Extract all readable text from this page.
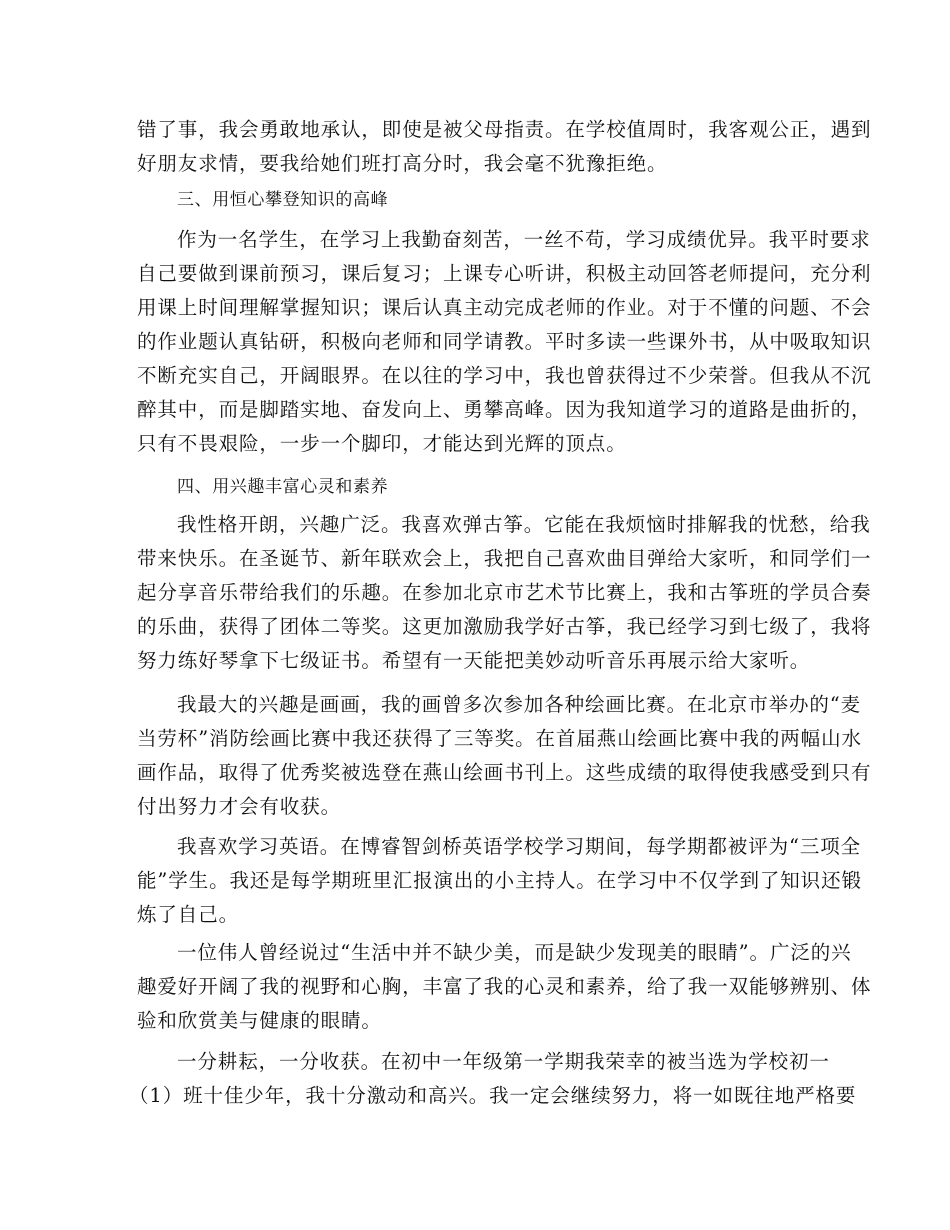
错了事，我会勇敢地承认，即使是被父母指责。在学校值周时，我客观公正，遇到
好朋友求情，要我给她们班打高分时，我会毫不犹豫拒绝。
三、用恒心攀登知识的高峰
作为一名学生，在学习上我勤奋刻苦，一丝不苟，学习成绩优异。我平时要求
自己要做到课前预习，课后复习；上课专心听讲，积极主动回答老师提问，充分利
用课上时间理解掌握知识；课后认真主动完成老师的作业。对于不懂的问题、不会
的作业题认真钻研，积极向老师和同学请教。平时多读一些课外书，从中吸取知识
不断充实自己，开阔眼界。在以往的学习中，我也曾获得过不少荣誉。但我从不沉
醉其中，而是脚踏实地、奋发向上、勇攀高峰。因为我知道学习的道路是曲折的，
只有不畏艰险，一步一个脚印，才能达到光辉的顶点。
四、用兴趣丰富心灵和素养
我性格开朗，兴趣广泛。我喜欢弹古筝。它能在我烦恼时排解我的忧愁，给我
带来快乐。在圣诞节、新年联欢会上，我把自己喜欢曲目弹给大家听，和同学们一
起分享音乐带给我们的乐趣。在参加北京市艺术节比赛上，我和古筝班的学员合奏
的乐曲，获得了团体二等奖。这更加激励我学好古筝，我已经学习到七级了，我将
努力练好琴拿下七级证书。希望有一天能把美妙动听音乐再展示给大家听。
我最大的兴趣是画画，我的画曾多次参加各种绘画比赛。在北京市举办的“麦
当劳杯”消防绘画比赛中我还获得了三等奖。在首届燕山绘画比赛中我的两幅山水
画作品，取得了优秀奖被选登在燕山绘画书刊上。这些成绩的取得使我感受到只有
付出努力才会有收获。
我喜欢学习英语。在博睿智剑桥英语学校学习期间，每学期都被评为“三项全
能”学生。我还是每学期班里汇报演出的小主持人。在学习中不仅学到了知识还锻
炼了自己。
一位伟人曾经说过“生活中并不缺少美，而是缺少发现美的眼睛”。广泛的兴
趣爱好开阔了我的视野和心胸，丰富了我的心灵和素养，给了我一双能够辨别、体
验和欣赏美与健康的眼睛。
一分耕耘，一分收获。在初中一年级第一学期我荣幸的被当选为学校初一
（1）班十佳少年，我十分激动和高兴。我一定会继续努力，将一如既往地严格要
